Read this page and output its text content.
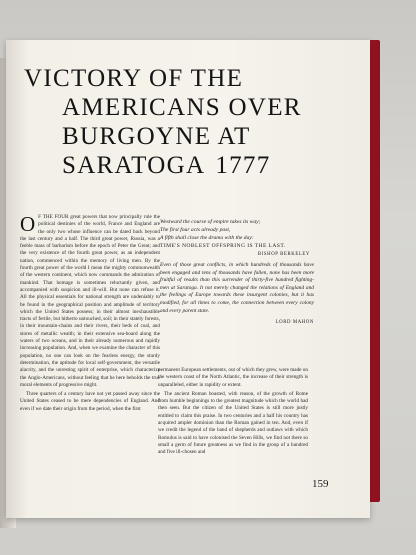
VICTORY OF THE
AMERICANS OVER
BURGOYNE AT
SARATOGA 1777
Westward the course of empire takes its way;
The first four acts already past,
A fifth shall close the drama with the day:
TIME'S NOBLEST OFFSPRING IS THE LAST.
BISHOP BERKELEY
Even of those great conflicts, in which hundreds of thousands have been engaged and tens of thousands have fallen, none has been more fruitful of results than this surrender of thirty-five hundred fighting-men at Saratoga. It not merely changed the relations of England and the feelings of Europe towards these insurgent colonies, but it has modified, for all times to come, the connection between every colony and every parent state.
LORD MAHON
O F THE FOUR great powers that now principally rule the political destinies of the world, France and England are the only two whose influence can be dated back beyond the last century and a half. The third great power, Russia, was a feeble mass of barbarism before the epoch of Peter the Great; and the very existence of the fourth great power, as an independent nation, commenced within the memory of living men. By the fourth great power of the world I mean the mighty commonwealth of the western continent, which now commands the admiration of mankind. That homage is sometimes reluctantly given, and accompanied with suspicion and ill-will. But none can refuse it. All the physical essentials for national strength are undeniably to be found in the geographical position and amplitude of territory which the United States possess; in their almost inexhaustible tracts of fertile, but hitherto untouched, soil; in their stately forests, in their mountain-chains and their rivers, their beds of coal, and stores of metallic wealth; in their extensive sea-board along the waters of two oceans, and in their already numerous and rapidly increasing population. And, when we examine the character of this population, no one can look on the fearless energy, the sturdy determination, the aptitude for local self-government, the versatile alacrity, and the unresting spirit of enterprise, which characterize the Anglo-Americans, without feeling that he here beholds the true moral elements of progressive might.

Three quarters of a century have not yet passed away since the United States ceased to be mere dependencies of England. And even if we date their origin from the period, when the first

permanent European settlements, out of which they grew, were made on the western coast of the North Atlantic, the increase of their strength is unparalleled, either in rapidity or extent.

The ancient Roman boasted, with reason, of the growth of Rome from humble beginnings to the greatest magnitude which the world had then seen. But the citizen of the United States is still more justly entitled to claim this praise. In two centuries and a half his country has acquired ampler dominion than the Roman gained in ten. And, even if we credit the legend of the band of shepherds and outlaws with which Romulus is said to have colonised the Seven Hills, we find not there so small a germ of future greatness as we find in the group of a hundred and five ill-chosen and

159
